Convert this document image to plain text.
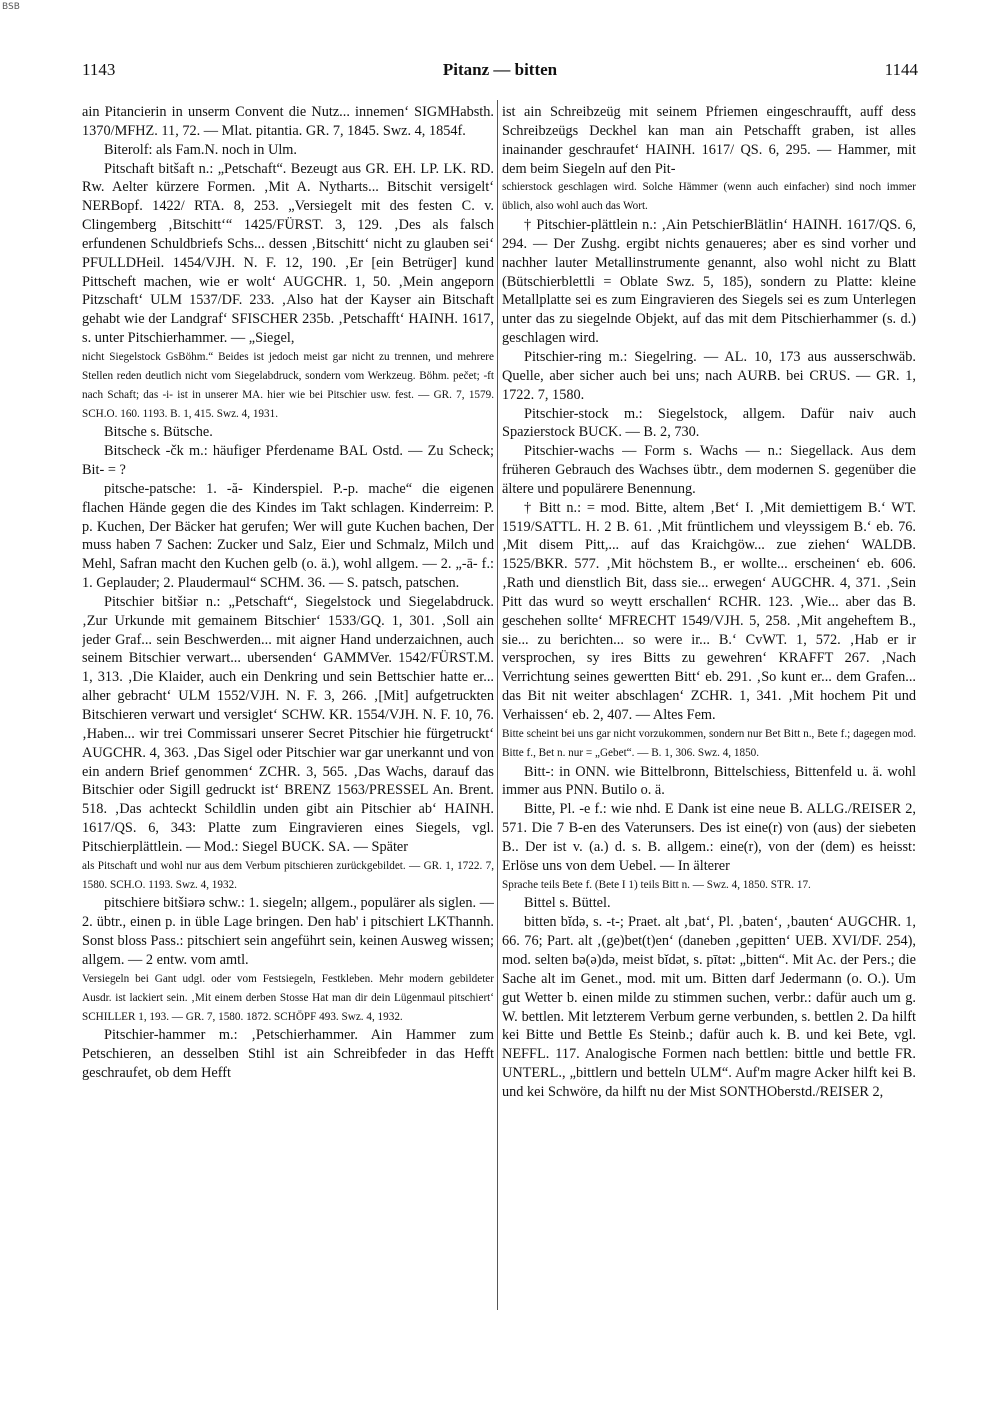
BSB
1143	Pitanz — bitten	1144

ain Pitancierin in unserm Convent die Nutz... innemen‘ SIGMHabsth. 1370/MFHZ. 11, 72. — Mlat. pitantia. GR. 7, 1845. Swz. 4, 1854f.

Biterolf: als Fam.N. noch in Ulm.

Pitschaft bitšaft n.: „Petschaft“. Bezeugt aus GR. EH. LP. LK. RD. Rw. Aelter kürzere Formen. ‚Mit A. Nytharts... Bitschit versigelt‘ NERBopf. 1422/ RTA. 8, 253. „Versiegelt mit des festen C. v. Clingemberg ‚Bitschitt‘“ 1425/FÜRST. 3, 129. ‚Des als falsch erfundenen Schuldbriefs Schs... dessen ‚Bitschitt‘ nicht zu glauben sei‘ PFULLDHeil. 1454/VJH. N. F. 12, 190. ‚Er [ein Betrüger] kund Pittscheft machen, wie er wolt‘ AUGCHR. 1, 50. ‚Mein angeporn Pitzschaft‘ ULM 1537/DF. 233. ‚Also hat der Kayser ain Bitschaft gehabt wie der Landgraf‘ SFISCHER 235b. ‚Petschafft‘ HAINH. 1617, s. unter Pitschierhammer. — „Siegel,

nicht Siegelstock GsBöhm.“ Beides ist jedoch meist gar nicht zu trennen, und mehrere Stellen reden deutlich nicht vom Siegelabdruck, sondern vom Werkzeug. Böhm. pečet; -ft nach Schaft; das -i- ist in unserer MA. hier wie bei Pitschier usw. fest. — GR. 7, 1579. SCH.O. 160. 1193. B. 1, 415. Swz. 4, 1931.

Bitsche s. Bütsche.

Bitscheck -čk m.: häufiger Pferdename BAL Ostd. — Zu Scheck; Bit- = ?

pitsche-patsche: 1. -ă- Kinderspiel. P.-p. mache“ die eigenen flachen Hände gegen die des Kindes im Takt schlagen. Kinderreim: P. p. Kuchen, Der Bäcker hat gerufen; Wer will gute Kuchen bachen, Der muss haben 7 Sachen: Zucker und Salz, Eier und Schmalz, Milch und Mehl, Safran macht den Kuchen gelb (o. ä.), wohl allgem. — 2. „-ā- f.: 1. Geplauder; 2. Plaudermaul“ SCHM. 36. — S. patsch, patschen.

Pitschier bitšiər n.: „Petschaft“, Siegelstock und Siegelabdruck. ‚Zur Urkunde mit gemainem Bitschier‘ 1533/GQ. 1, 301. ‚Soll ain jeder Graf... sein Beschwerden... mit aigner Hand underzaichnen, auch seinem Bitschier verwart... ubersenden‘ GAMMVer. 1542/FÜRST.M. 1, 313. ‚Die Klaider, auch ein Denkring und sein Bettschier hatte er... alher gebracht‘ ULM 1552/VJH. N. F. 3, 266. ‚[Mit] aufgetruckten Bitschieren verwart und versiglet‘ SCHW. KR. 1554/VJH. N. F. 10, 76. ‚Haben... wir trei Commissari unserer Secret Pitschier hie fürgetruckt‘ AUGCHR. 4, 363. ‚Das Sigel oder Pitschier war gar unerkannt und von ein andern Brief genommen‘ ZCHR. 3, 565. ‚Das Wachs, darauf das Bitschier oder Sigill gedruckt ist‘ BRENZ 1563/PRESSEL An. Brent. 518. ‚Das achteckt Schildlin unden gibt ain Pitschier ab‘ HAINH. 1617/QS. 6, 343: Platte zum Eingravieren eines Siegels, vgl. Pitschierplättlein. — Mod.: Siegel BUCK. SA. — Später

als Pitschaft und wohl nur aus dem Verbum pitschieren zurückgebildet. — GR. 1, 1722. 7, 1580. SCH.O. 1193. Swz. 4, 1932.

pitschiere bitšiərə schw.: 1. siegeln; allgem., populärer als siglen. — 2. übtr., einen p. in üble Lage bringen. Den hab' i pitschiert LKThannh. Sonst bloss Pass.: pitschiert sein angeführt sein, keinen Ausweg wissen; allgem. — 2 entw. vom amtl.

Versiegeln bei Gant udgl. oder vom Festsiegeln, Festkleben. Mehr modern gebildeter Ausdr. ist lackiert sein. ‚Mit einem derben Stosse Hat man dir dein Lügenmaul pitschiert‘ SCHILLER 1, 193. — GR. 7, 1580. 1872. SCHÖPF 493. Swz. 4, 1932.

Pitschier-hammer m.: ‚Petschierhammer. Ain Hammer zum Petschieren, an desselben Stihl ist ain Schreibfeder in das Hefft geschraufet, ob dem Hefft

ist ain Schreibzeüg mit seinem Pfriemen eingeschraufft, auff dess Schreibzeügs Deckhel kan man ain Petschafft graben, ist alles inainander geschraufet‘ HAINH. 1617/ QS. 6, 295. — Hammer, mit dem beim Siegeln auf den Pit-

schierstock geschlagen wird. Solche Hämmer (wenn auch einfacher) sind noch immer üblich, also wohl auch das Wort.

† Pitschier-plättlein n.: ‚Ain PetschierBlätlin‘ HAINH. 1617/QS. 6, 294. — Der Zushg. ergibt nichts genaueres; aber es sind vorher und nachher lauter Metallinstrumente genannt, also wohl nicht zu Blatt (Bütschierblettli = Oblate Swz. 5, 185), sondern zu Platte: kleine Metallplatte sei es zum Eingravieren des Siegels sei es zum Unterlegen unter das zu siegelnde Objekt, auf das mit dem Pitschierhammer (s. d.) geschlagen wird.

Pitschier-ring m.: Siegelring. — AL. 10, 173 aus ausserschwäb. Quelle, aber sicher auch bei uns; nach AURB. bei CRUS. — GR. 1, 1722. 7, 1580.

Pitschier-stock m.: Siegelstock, allgem. Dafür naiv auch Spazierstock BUCK. — B. 2, 730.

Pitschier-wachs — Form s. Wachs — n.: Siegellack. Aus dem früheren Gebrauch des Wachses übtr., dem modernen S. gegenüber die ältere und populärere Benennung.

† Bitt n.: = mod. Bitte, altem ‚Bet‘ I. ‚Mit demiettigem B.‘ WT. 1519/SATTL. H. 2 B. 61. ‚Mit früntlichem und vleyssigem B.‘ eb. 76. ‚Mit disem Pitt,... auf das Kraichgöw... zue ziehen‘ WALDB. 1525/BKR. 577. ‚Mit höchstem B., er wollte... erscheinen‘ eb. 606. ‚Rath und dienstlich Bit, dass sie... erwegen‘ AUGCHR. 4, 371. ‚Sein Pitt das wurd so weytt erschallen‘ RCHR. 123. ‚Wie... aber das B. geschehen sollte‘ MFRECHT 1549/VJH. 5, 258. ‚Mit angeheftem B., sie... zu berichten... so were ir... B.‘ CvWT. 1, 572. ‚Hab er ir versprochen, sy ires Bitts zu gewehren‘ KRAFFT 267. ‚Nach Verrichtung seines gewertten Bitt‘ eb. 291. ‚So kunt er... dem Grafen... das Bit nit weiter abschlagen‘ ZCHR. 1, 341. ‚Mit hochem Pit und Verhaissen‘ eb. 2, 407. — Altes Fem.

Bitte scheint bei uns gar nicht vorzukommen, sondern nur Bet Bitt n., Bete f.; dagegen mod. Bitte f., Bet n. nur = „Gebet“. — B. 1, 306. Swz. 4, 1850.

Bitt-: in ONN. wie Bittelbronn, Bittelschiess, Bittenfeld u. ä. wohl immer aus PNN. Butilo o. ä.

Bitte, Pl. -e f.: wie nhd. E Dank ist eine neue B. ALLG./REISER 2, 571. Die 7 B-en des Vaterunsers. Des ist eine(r) von (aus) der siebeten B.. Der ist v. (a.) d. s. B. allgem.: eine(r), von der (dem) es heisst: Erlöse uns von dem Uebel. — In älterer

Sprache teils Bete f. (Bete I 1) teils Bitt n. — Swz. 4, 1850. STR. 17.

Bittel s. Büttel.

bitten bĭdə, s. -t-; Praet. alt ‚bat‘, Pl. ‚baten‘, ‚bauten‘ AUGCHR. 1, 66. 76; Part. alt ‚(ge)bet(t)en‘ (daneben ‚gepitten‘ UEB. XVI/DF. 254), mod. selten bə(ə)də, meist bĭdət, s. pītət: „bitten“. Mit Ac. der Pers.; die Sache alt im Genet., mod. mit um. Bitten darf Jedermann (o. O.). Um gut Wetter b. einen milde zu stimmen suchen, verbr.: dafür auch um g. W. bettlen. Mit letzterem Verbum gerne verbunden, s. bettlen 2. Da hilft kei Bitte und Bettle Es Steinb.; dafür auch k. B. und kei Bete, vgl. NEFFL. 117. Analogische Formen nach bettlen: bittle und bettle FR. UNTERL., „bittlern und betteln ULM“. Auf'm magre Acker hilft kei B. und kei Schwöre, da hilft nu der Mist SONTHOberstd./REISER 2,
